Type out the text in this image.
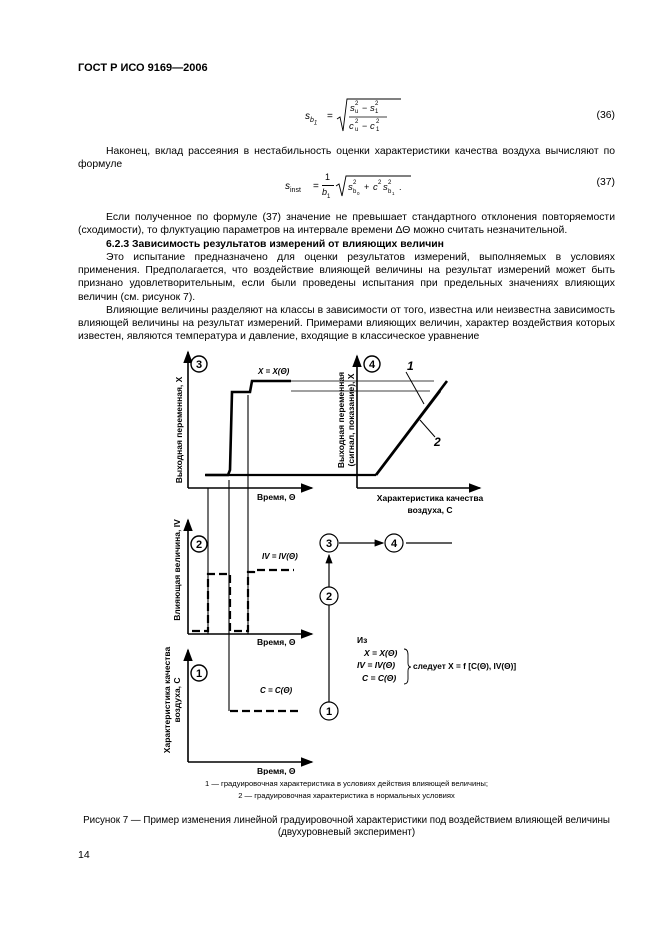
ГОСТ Р ИСО 9169—2006
$s_{b_1}$
=
s u
2 − s 1
2
c u
2 − c 1
2
(36)
Наконец, вклад рассеяния в нестабильность оценки характеристики качества воздуха вычисляют по формуле
$s_{inst}$ =
1
$b_1$
s b 0
2 + c 2 s b 1
2 .	(37)
Если полученное по формуле (37) значение не превышает стандартного отклонения повторяемости (сходимости), то флуктуацию параметров на интервале времени ΔΘ можно считать незначительной.
6.2.3 Зависимость результатов измерений от влияющих величин
Это испытание предназначено для оценки результатов измерений, выполняемых в условиях применения. Предполагается, что воздействие влияющей величины на результат измерений может быть признано удовлетворительным, если были проведены испытания при предельных значениях влияющих величин (см. рисунок 7).
Влияющие величины разделяют на классы в зависимости от того, известна или неизвестна зависимость влияющей величины на результат измерений. Примерами влияющих величин, характер воздействия которых известен, являются температура и давление, входящие в классическое уравнение
3
Выходная переменная, X
Время, Θ
X = X(Θ)
4
Выходная переменная (сигнал, показание), X
Характеристика качества
воздуха, C
1
2
2
Влияющая величина, IV
Время, Θ
IV = IV(Θ)
1
Характеристика качества воздуха, C
Время, Θ
C = C(Θ)
3	4
2
1
Из
X = X(Θ)
IV = IV(Θ)
C = C(Θ)
следует X = f [C(Θ), IV(Θ)]
1 — градуировочная характеристика в условиях действия влияющей величины;
2 — градуировочная характеристика в нормальных условиях
Рисунок 7 — Пример изменения линейной градуировочной характеристики под воздействием влияющей величины (двухуровневый эксперимент)
14
